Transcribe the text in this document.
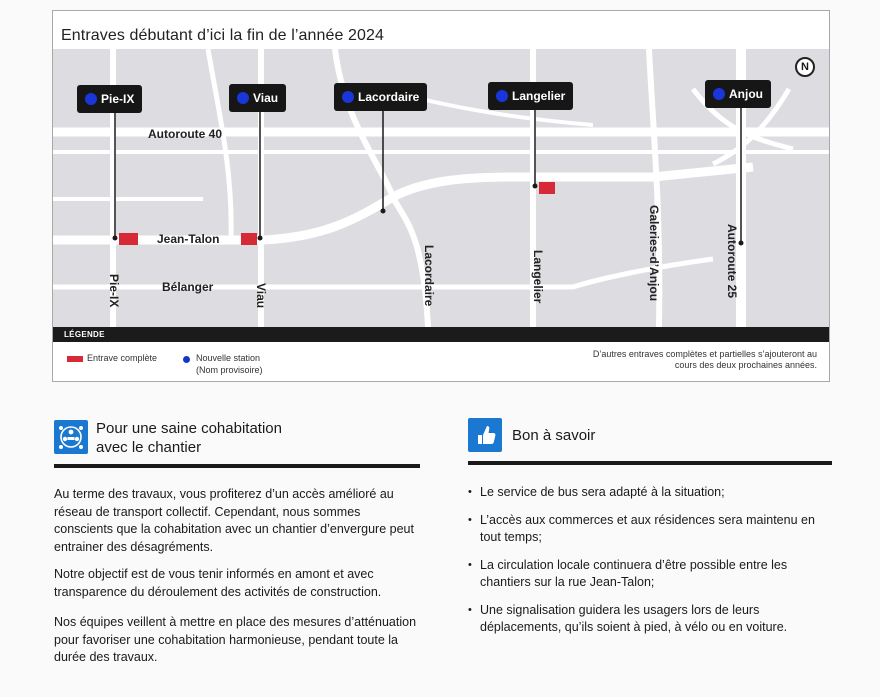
Entraves débutant d’ici la fin de l’année 2024
N
Pie-IX	Viau	Lacordaire	Langelier	Anjou
Autoroute 40
Jean-Talon
Bélanger
Pie-IX	Viau	Lacordaire	Langelier	Galeries-d’Anjou	Autoroute 25
LÉGENDE
Entrave complète	Nouvelle station
(Nom provisoire)
D’autres entraves complètes et partielles s’ajouteront au cours des deux prochaines années.
Pour une saine cohabitation
avec le chantier
Au terme des travaux, vous profiterez d’un accès amélioré au réseau de transport collectif. Cependant, nous sommes conscients que la cohabitation avec un chantier d’envergure peut entrainer des désagréments.
Notre objectif est de vous tenir informés en amont et avec transparence du déroulement des activités de construction.
Nos équipes veillent à mettre en place des mesures d’atténuation pour favoriser une cohabitation harmonieuse, pendant toute la durée des travaux.
Bon à savoir
• Le service de bus sera adapté à la situation;
• L’accès aux commerces et aux résidences sera maintenu en tout temps;
• La circulation locale continuera d’être possible entre les chantiers sur la rue Jean-Talon;
• Une signalisation guidera les usagers lors de leurs déplacements, qu’ils soient à pied, à vélo ou en voiture.
